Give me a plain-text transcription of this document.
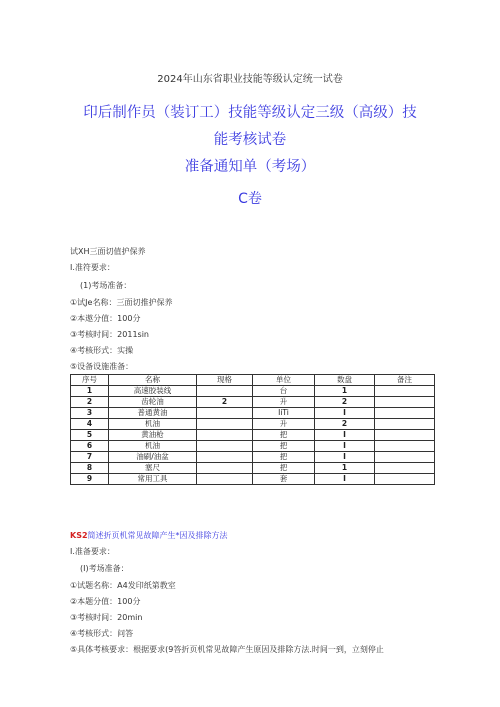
2024年山东省职业技能等级认定统一试卷
印后制作员（装订工）技能等级认定三级（高级）技
能考核试卷
准备通知单（考场）
C卷
试XH三面切值护保养
I.准符要求：
(1)考场准备：
①试Je名称：三面切推护保养
②本遨分值：100分
③考核时间：2011sin
④考核形式：实操
⑤设备设施准备：
序号	名称	现格	单位	数盘	备注
1	高速胶装线		台	1	
2	齿轮油	2	升	2	
3	普通黄油		IiTi	I	
4	机油		升	2	
5	黄油枪		把	I	
6	机油		把	I	
7	油刷/油盆		把	I	
8	塞尺		把	1	
9	常用工具		套	I	
KS2简述折页机常见故障产生*因及排除方法
I.准备要求：
(I)考场准备：
①试题名称：A4发印纸第教室
②本题分值：100分
③考核时间：20min
④考核形式：问答
⑤具体考核要求：根据要求(9答折页机常见故障产生原因及排除方法.时间一到，立刻停止
